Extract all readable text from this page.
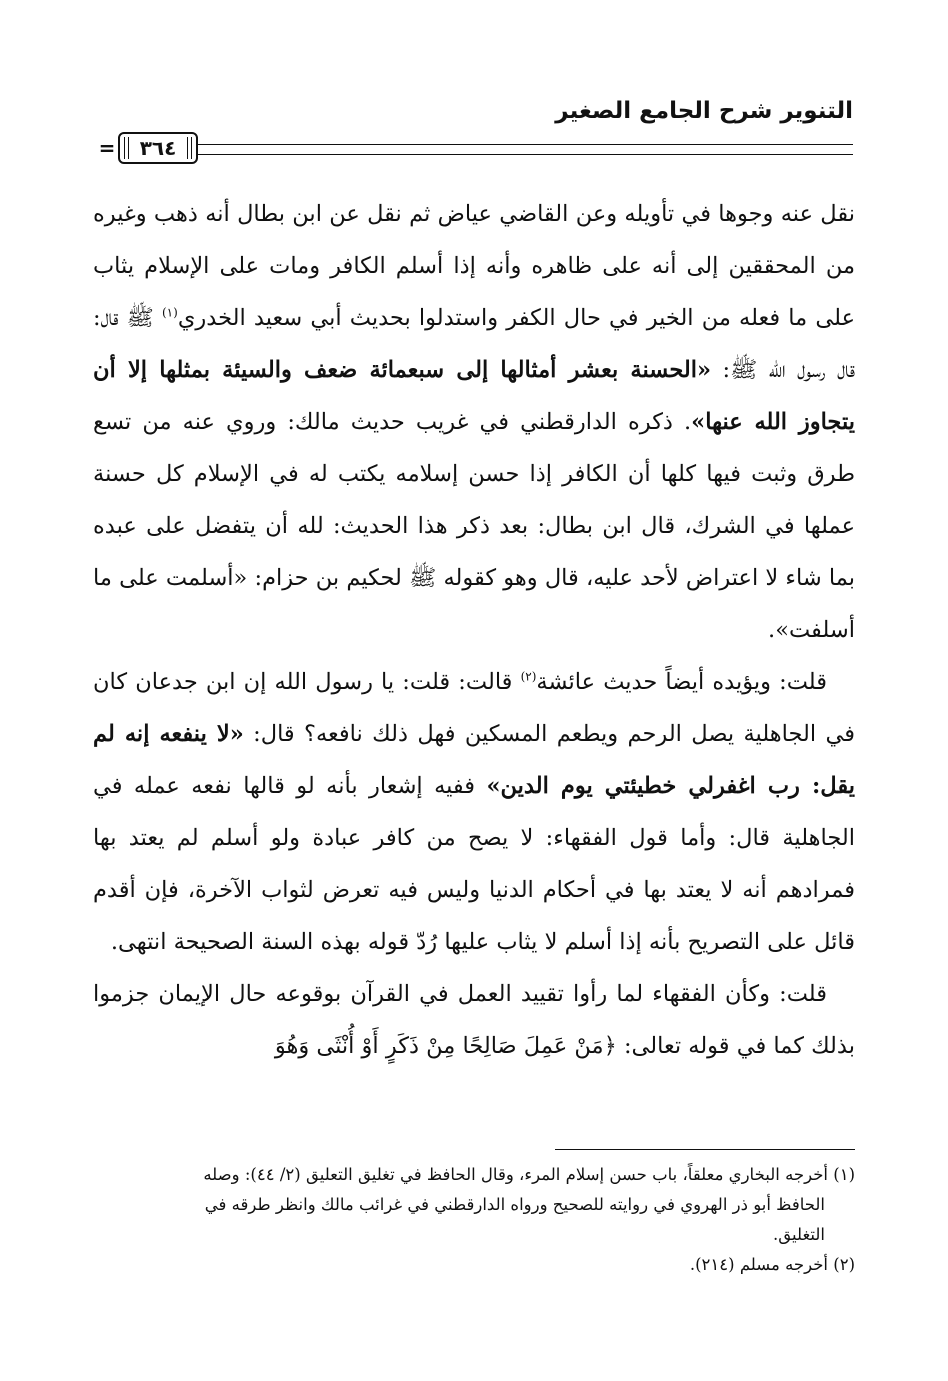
التنوير شرح الجامع الصغير
= ٣٦٤

نقل عنه وجوها في تأويله وعن القاضي عياض ثم نقل عن ابن بطال أنه ذهب وغيره من المحققين إلى أنه على ظاهره وأنه إذا أسلم الكافر ومات على الإسلام يثاب على ما فعله من الخير في حال الكفر واستدلوا بحديث أبي سعيد الخدري$^{(١)}$ ﷺ قال: قال رسول الله ﷺ: «الحسنة بعشر أمثالها إلى سبعمائة ضعف والسيئة بمثلها إلا أن يتجاوز الله عنها». ذكره الدارقطني في غريب حديث مالك: وروي عنه من تسع طرق وثبت فيها كلها أن الكافر إذا حسن إسلامه يكتب له في الإسلام كل حسنة عملها في الشرك، قال ابن بطال: بعد ذكر هذا الحديث: لله أن يتفضل على عبده بما شاء لا اعتراض لأحد عليه، قال وهو كقوله ﷺ لحكيم بن حزام: «أسلمت على ما أسلفت».

قلت: ويؤيده أيضاً حديث عائشة$^{(٢)}$ قالت: قلت: يا رسول الله إن ابن جدعان كان في الجاهلية يصل الرحم ويطعم المسكين فهل ذلك نافعه؟ قال: «لا ينفعه إنه لم يقل: رب اغفرلي خطيئتي يوم الدين» ففيه إشعار بأنه لو قالها نفعه عمله في الجاهلية قال: وأما قول الفقهاء: لا يصح من كافر عبادة ولو أسلم لم يعتد بها فمرادهم أنه لا يعتد بها في أحكام الدنيا وليس فيه تعرض لثواب الآخرة، فإن أقدم قائل على التصريح بأنه إذا أسلم لا يثاب عليها رُدّ قوله بهذه السنة الصحيحة انتهى.

قلت: وكأن الفقهاء لما رأوا تقييد العمل في القرآن بوقوعه حال الإيمان جزموا بذلك كما في قوله تعالى: ﴿مَنْ عَمِلَ صَالِحًا مِنْ ذَكَرٍ أَوْ أُنْثَى وَهُوَ

(١) أخرجه البخاري معلقاً، باب حسن إسلام المرء، وقال الحافظ في تغليق التعليق (٢/ ٤٤): وصله

الحافظ أبو ذر الهروي في روايته للصحيح ورواه الدارقطني في غرائب مالك وانظر طرقه في

التغليق.

(٢) أخرجه مسلم (٢١٤).
